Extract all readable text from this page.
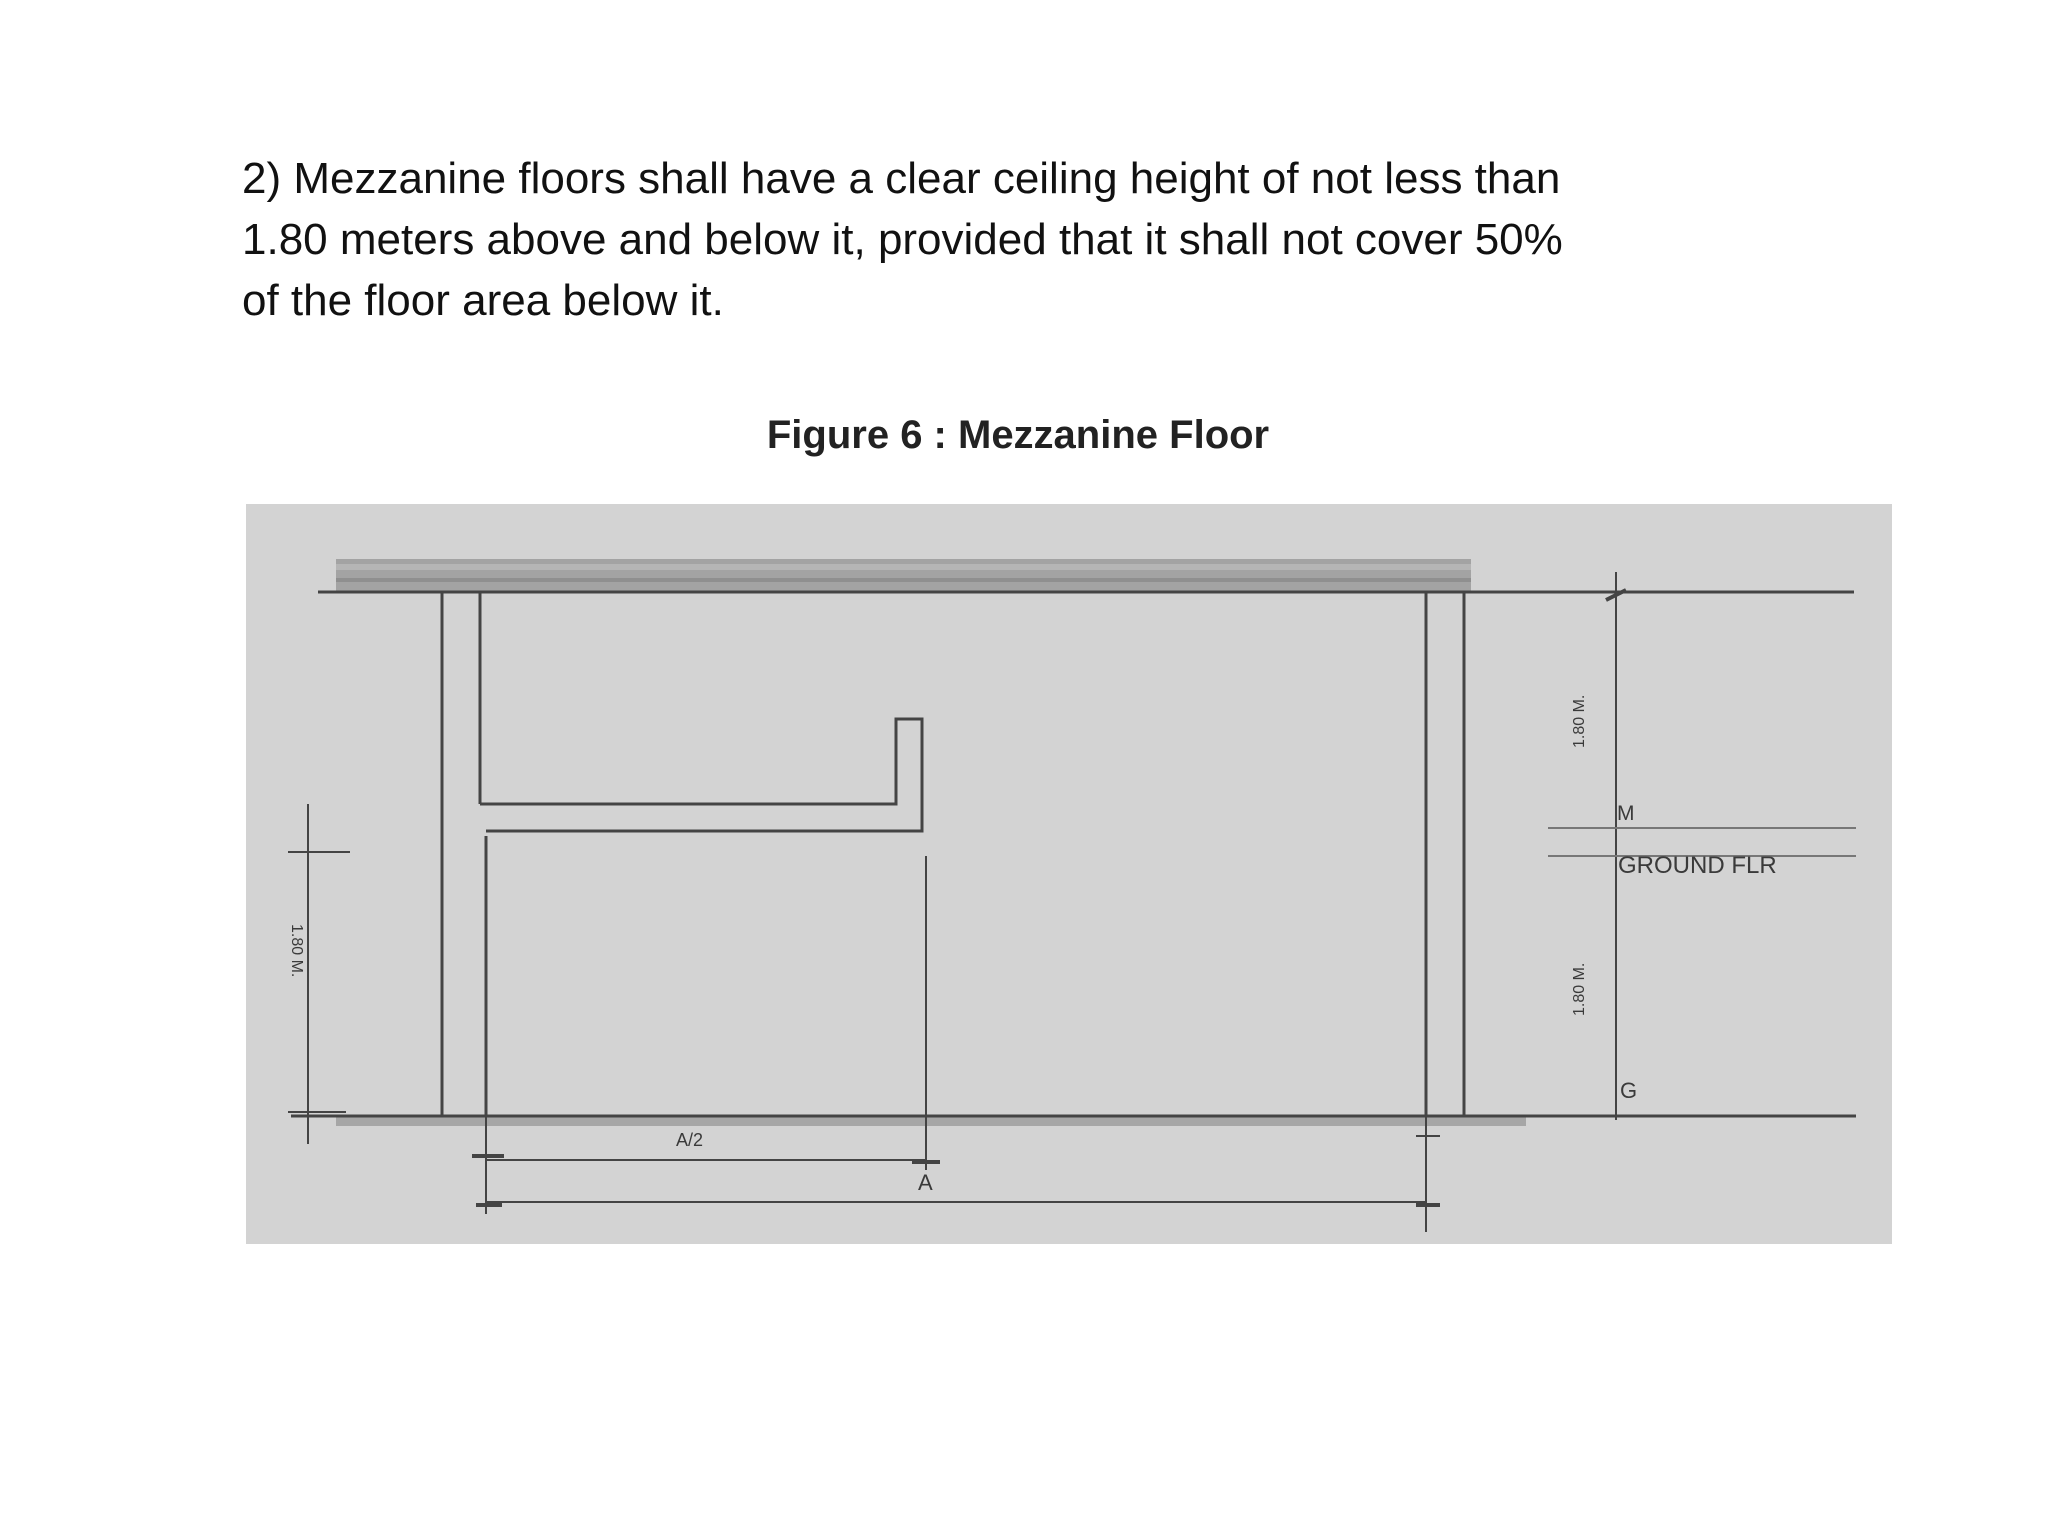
2) Mezzanine floors shall have a clear ceiling height of not less than
1.80 meters above and below it, provided that it shall not cover 50%
of the floor area below it.
Figure 6 : Mezzanine Floor
1.80 M.
1.80 M.
1.80 M.
M
GROUND FLR
G
A/2
A
